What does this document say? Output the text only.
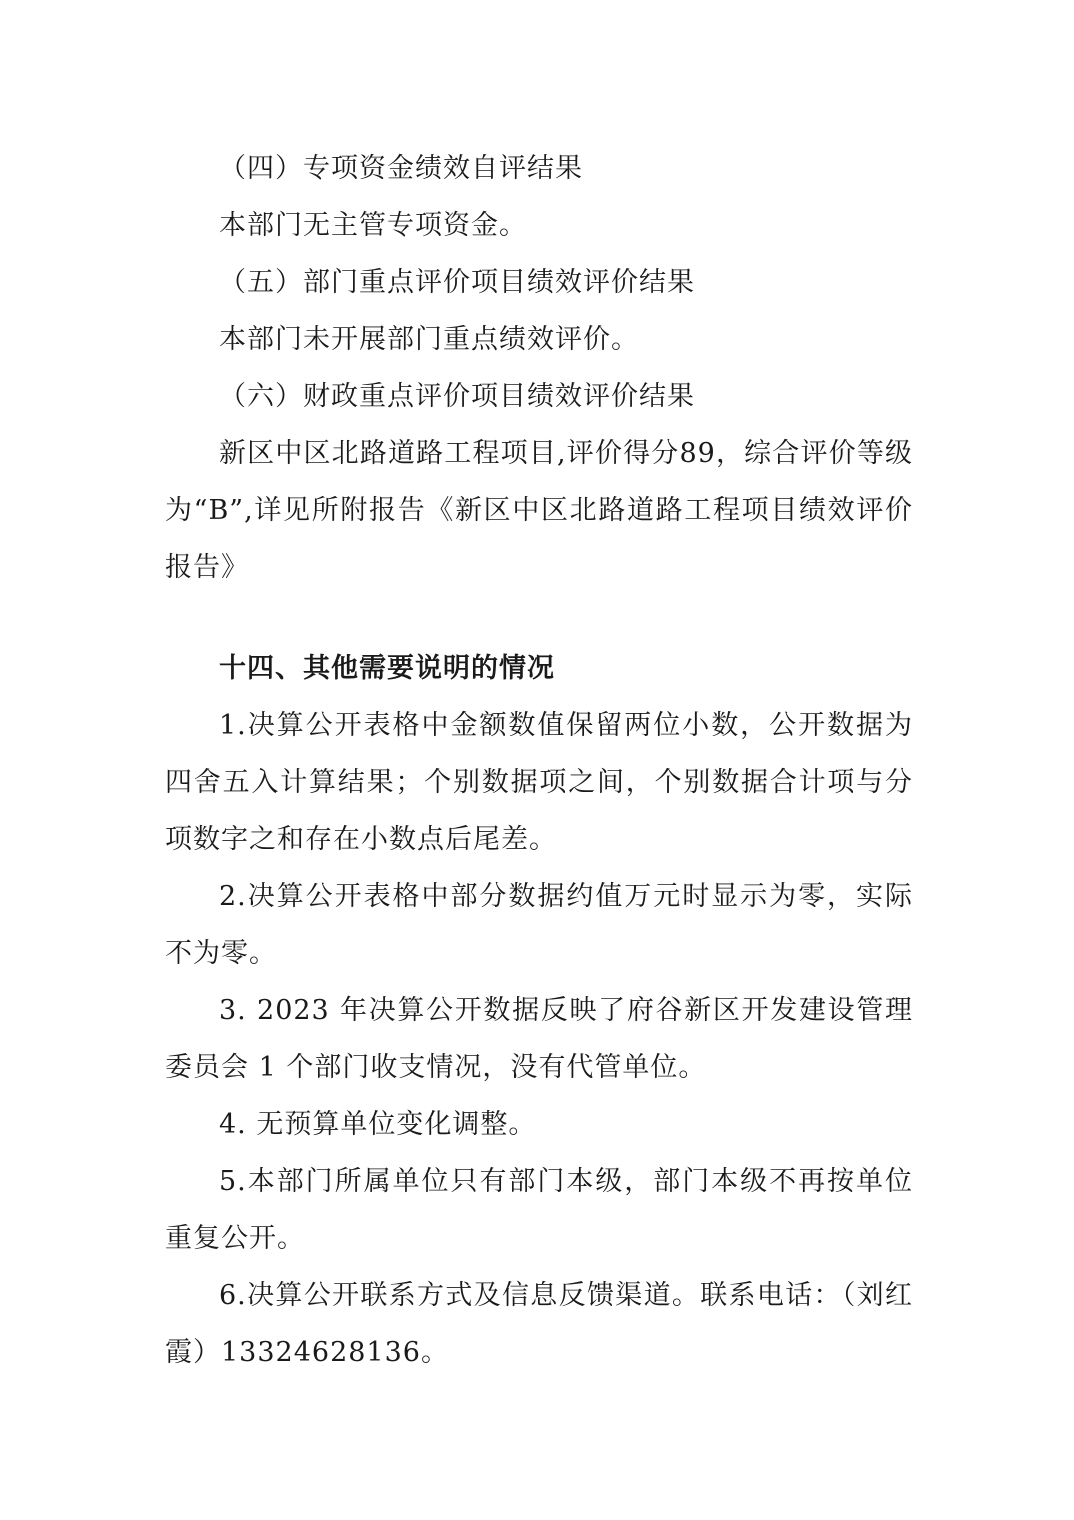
（四）专项资金绩效自评结果

本部门无主管专项资金。

（五）部门重点评价项目绩效评价结果

本部门未开展部门重点绩效评价。

（六）财政重点评价项目绩效评价结果

新区中区北路道路工程项目,评价得分89，综合评价等级为“B”,详见所附报告《新区中区北路道路工程项目绩效评价报告》

十四、其他需要说明的情况

1.决算公开表格中金额数值保留两位小数，公开数据为四舍五入计算结果；个别数据项之间，个别数据合计项与分项数字之和存在小数点后尾差。

2.决算公开表格中部分数据约值万元时显示为零，实际不为零。

3. 2023 年决算公开数据反映了府谷新区开发建设管理委员会 1 个部门收支情况，没有代管单位。

4. 无预算单位变化调整。

5.本部门所属单位只有部门本级，部门本级不再按单位重复公开。

6.决算公开联系方式及信息反馈渠道。联系电话：（刘红霞）13324628136。
